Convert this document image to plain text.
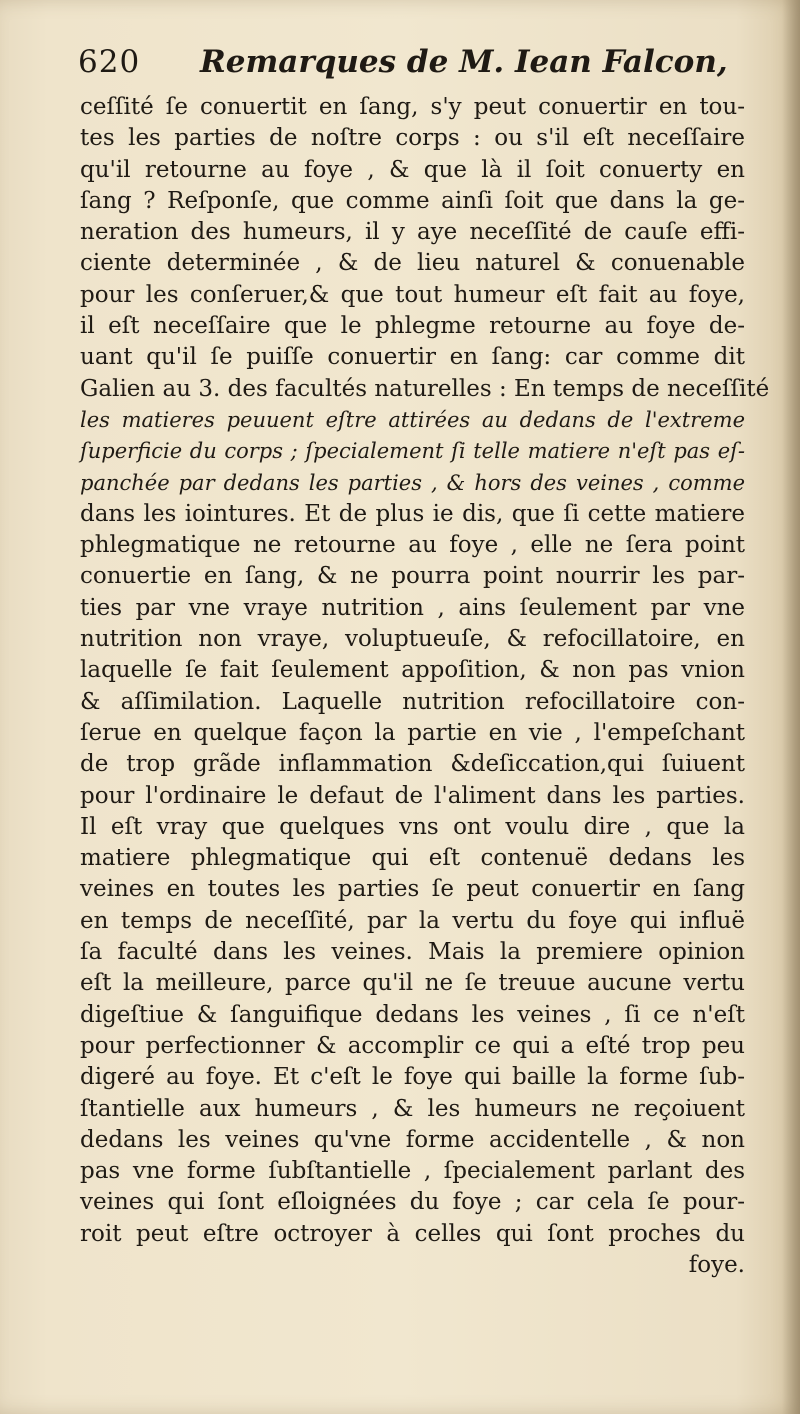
620 Remarques de M. Iean Falcon,
ceſſité ſe conuertit en ſang, s'y peut conuertir en tou-
tes les parties de noſtre corps : ou s'il eſt neceſſaire
qu'il retourne au foye , & que là il ſoit conuerty en
ſang ? Reſponſe, que comme ainſi ſoit que dans la ge-
neration des humeurs, il y aye neceſſité de cauſe effi-
ciente determinée , & de lieu naturel & conuenable
pour les conſeruer,& que tout humeur eſt fait au foye,
il eſt neceſſaire que le phlegme retourne au foye de-
uant qu'il ſe puiſſe conuertir en ſang: car comme dit
Galien au 3. des facultés naturelles : En temps de neceſſité
les matieres peuuent eſtre attirées au dedans de l'extreme
ſuperficie du corps ; ſpecialement ſi telle matiere n'eſt pas eſ-
panchée par dedans les parties , & hors des veines , comme
dans les iointures. Et de plus ie dis, que ſi cette matiere
phlegmatique ne retourne au foye , elle ne ſera point
conuertie en ſang, & ne pourra point nourrir les par-
ties par vne vraye nutrition , ains ſeulement par vne
nutrition non vraye, voluptueuſe, & refocillatoire, en
laquelle ſe fait ſeulement appoſition, & non pas vnion
& aſſimilation. Laquelle nutrition refocillatoire con-
ſerue en quelque façon la partie en vie , l'empeſchant
de trop grãde inflammation &deſiccation,qui ſuiuent
pour l'ordinaire le defaut de l'aliment dans les parties.
Il eſt vray que quelques vns ont voulu dire , que la
matiere phlegmatique qui eſt contenuë dedans les
veines en toutes les parties ſe peut conuertir en ſang
en temps de neceſſité, par la vertu du foye qui influë
ſa faculté dans les veines. Mais la premiere opinion
eſt la meilleure, parce qu'il ne ſe treuue aucune vertu
digeſtiue & ſanguifique dedans les veines , ſi ce n'eſt
pour perfectionner & accomplir ce qui a eſté trop peu
digeré au foye. Et c'eſt le foye qui baille la forme ſub-
ſtantielle aux humeurs , & les humeurs ne reçoiuent
dedans les veines qu'vne forme accidentelle , & non
pas vne forme ſubſtantielle , ſpecialement parlant des
veines qui ſont eſloignées du foye ; car cela ſe pour-
roit peut eſtre octroyer à celles qui ſont proches du
foye.
